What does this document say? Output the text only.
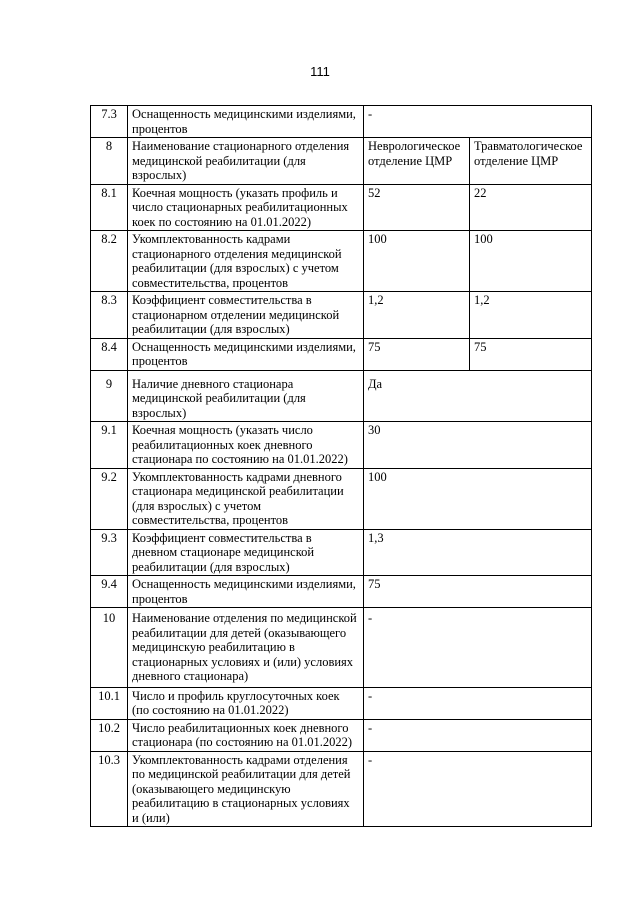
111
7.3	Оснащенность медицинскими изделиями, процентов	-	
8	Наименование стационарного отделения медицинской реабилитации (для взрослых)	Неврологическое отделение ЦМР	Травматологическое отделение ЦМР
8.1	Коечная мощность (указать профиль и число стационарных реабилитационных коек по состоянию на 01.01.2022)	52	22
8.2	Укомплектованность кадрами стационарного отделения медицинской реабилитации (для взрослых) с учетом совместительства, процентов	100	100
8.3	Коэффициент совместительства в стационарном отделении медицинской реабилитации (для взрослых)	1,2	1,2
8.4	Оснащенность медицинскими изделиями, процентов	75	75
9	Наличие дневного стационара медицинской реабилитации (для взрослых)	Да	
9.1	Коечная мощность (указать число реабилитационных коек дневного стационара по состоянию на 01.01.2022)	30	
9.2	Укомплектованность кадрами дневного стационара медицинской реабилитации (для взрослых) с учетом совместительства, процентов	100	
9.3	Коэффициент совместительства в дневном стационаре медицинской реабилитации (для взрослых)	1,3	
9.4	Оснащенность медицинскими изделиями, процентов	75	
10	Наименование отделения по медицинской реабилитации для детей (оказывающего медицинскую реабилитацию в стационарных условиях и (или) условиях дневного стационара)	-	
10.1	Число и профиль круглосуточных коек (по состоянию на 01.01.2022)	-	
10.2	Число реабилитационных коек дневного стационара (по состоянию на 01.01.2022)	-	
10.3	Укомплектованность кадрами отделения по медицинской реабилитации для детей (оказывающего медицинскую реабилитацию в стационарных условиях и (или)	-	
